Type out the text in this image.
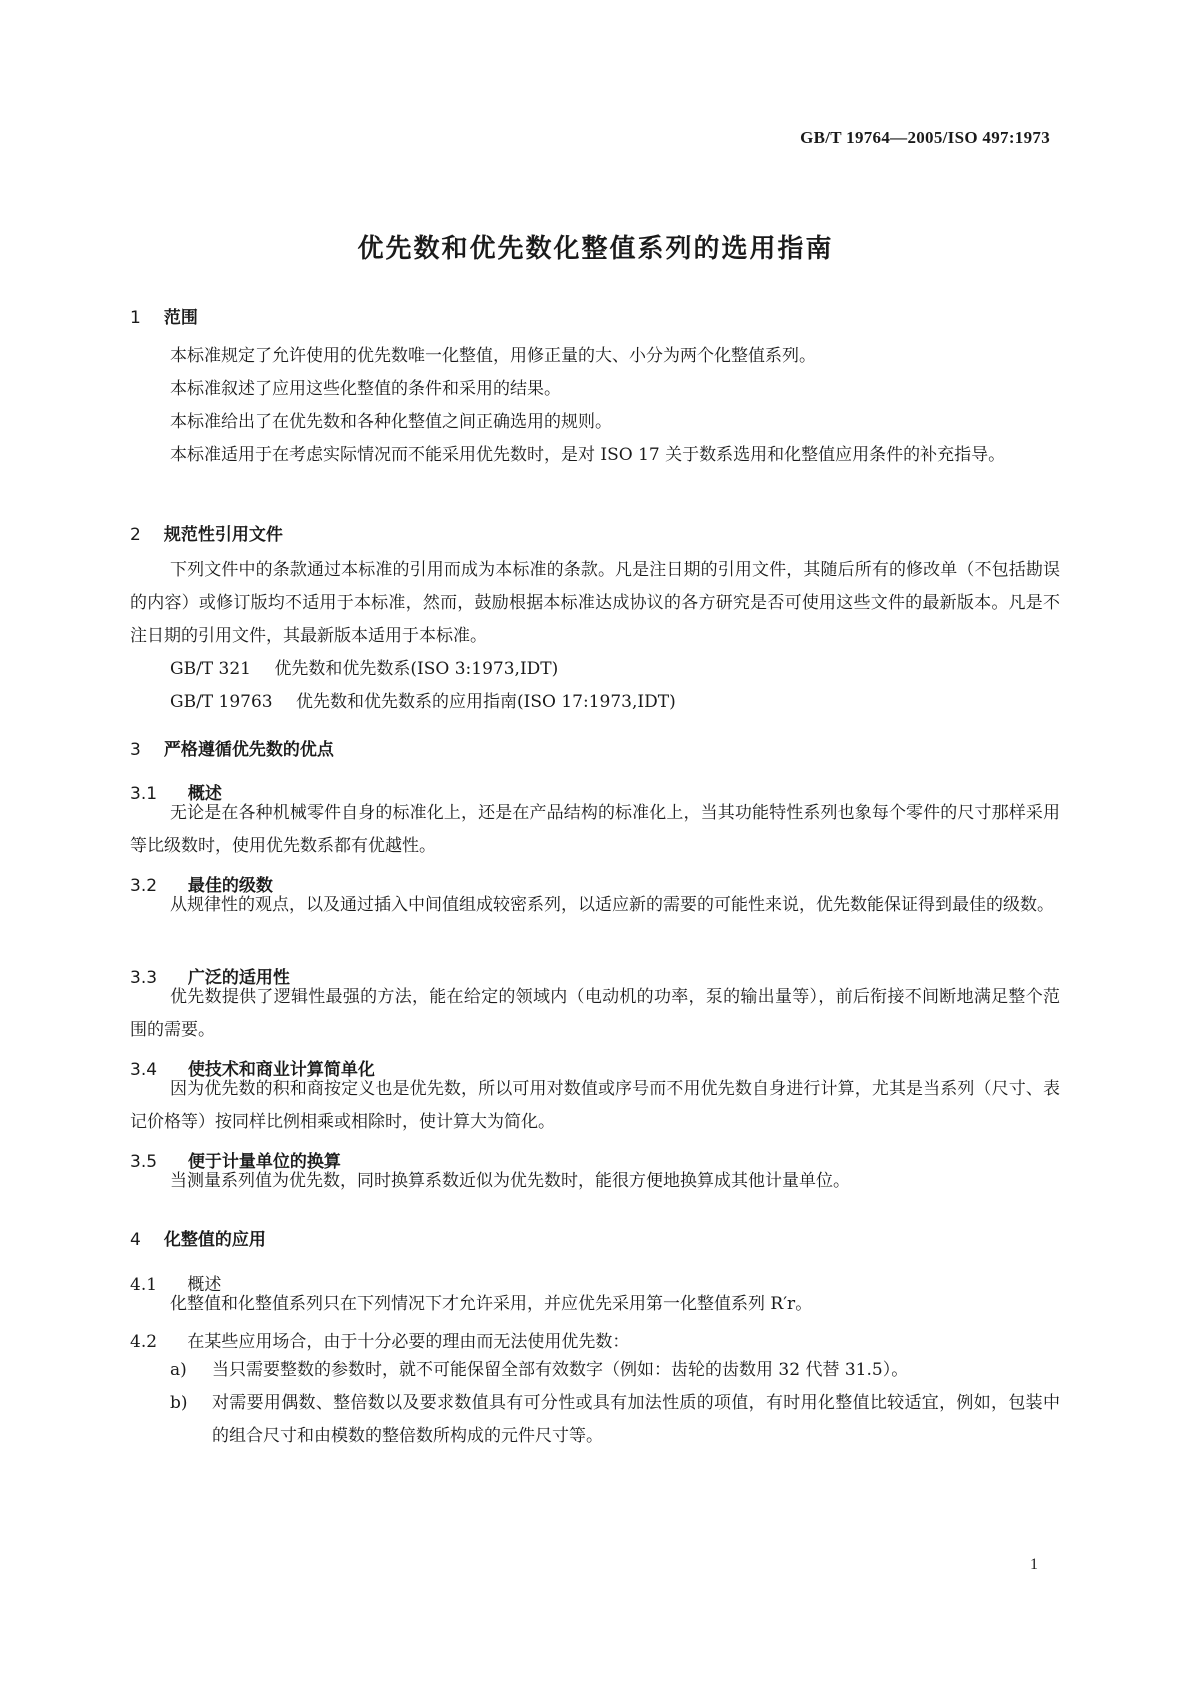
GB/T 19764—2005/ISO 497:1973
优先数和优先数化整值系列的选用指南
1 范围
本标准规定了允许使用的优先数唯一化整值，用修正量的大、小分为两个化整值系列。
本标准叙述了应用这些化整值的条件和采用的结果。
本标准给出了在优先数和各种化整值之间正确选用的规则。
本标准适用于在考虑实际情况而不能采用优先数时，是对 ISO 17 关于数系选用和化整值应用条件的补充指导。
2 规范性引用文件
下列文件中的条款通过本标准的引用而成为本标准的条款。凡是注日期的引用文件，其随后所有的修改单（不包括勘误的内容）或修订版均不适用于本标准，然而，鼓励根据本标准达成协议的各方研究是否可使用这些文件的最新版本。凡是不注日期的引用文件，其最新版本适用于本标准。
GB/T 321 优先数和优先数系(ISO 3:1973,IDT)
GB/T 19763 优先数和优先数系的应用指南(ISO 17:1973,IDT)
3 严格遵循优先数的优点
3.1 概述
无论是在各种机械零件自身的标准化上，还是在产品结构的标准化上，当其功能特性系列也象每个零件的尺寸那样采用等比级数时，使用优先数系都有优越性。
3.2 最佳的级数
从规律性的观点，以及通过插入中间值组成较密系列，以适应新的需要的可能性来说，优先数能保证得到最佳的级数。
3.3 广泛的适用性
优先数提供了逻辑性最强的方法，能在给定的领域内（电动机的功率，泵的输出量等），前后衔接不间断地满足整个范围的需要。
3.4 使技术和商业计算简单化
因为优先数的积和商按定义也是优先数，所以可用对数值或序号而不用优先数自身进行计算，尤其是当系列（尺寸、表记价格等）按同样比例相乘或相除时，使计算大为简化。
3.5 便于计量单位的换算
当测量系列值为优先数，同时换算系数近似为优先数时，能很方便地换算成其他计量单位。
4 化整值的应用
4.1 概述
化整值和化整值系列只在下列情况下才允许采用，并应优先采用第一化整值系列 R′r。
4.2 在某些应用场合，由于十分必要的理由而无法使用优先数：
a)	当只需要整数的参数时，就不可能保留全部有效数字（例如：齿轮的齿数用 32 代替 31.5）。
b)	对需要用偶数、整倍数以及要求数值具有可分性或具有加法性质的项值，有时用化整值比较适宜，例如，包装中的组合尺寸和由模数的整倍数所构成的元件尺寸等。
1
